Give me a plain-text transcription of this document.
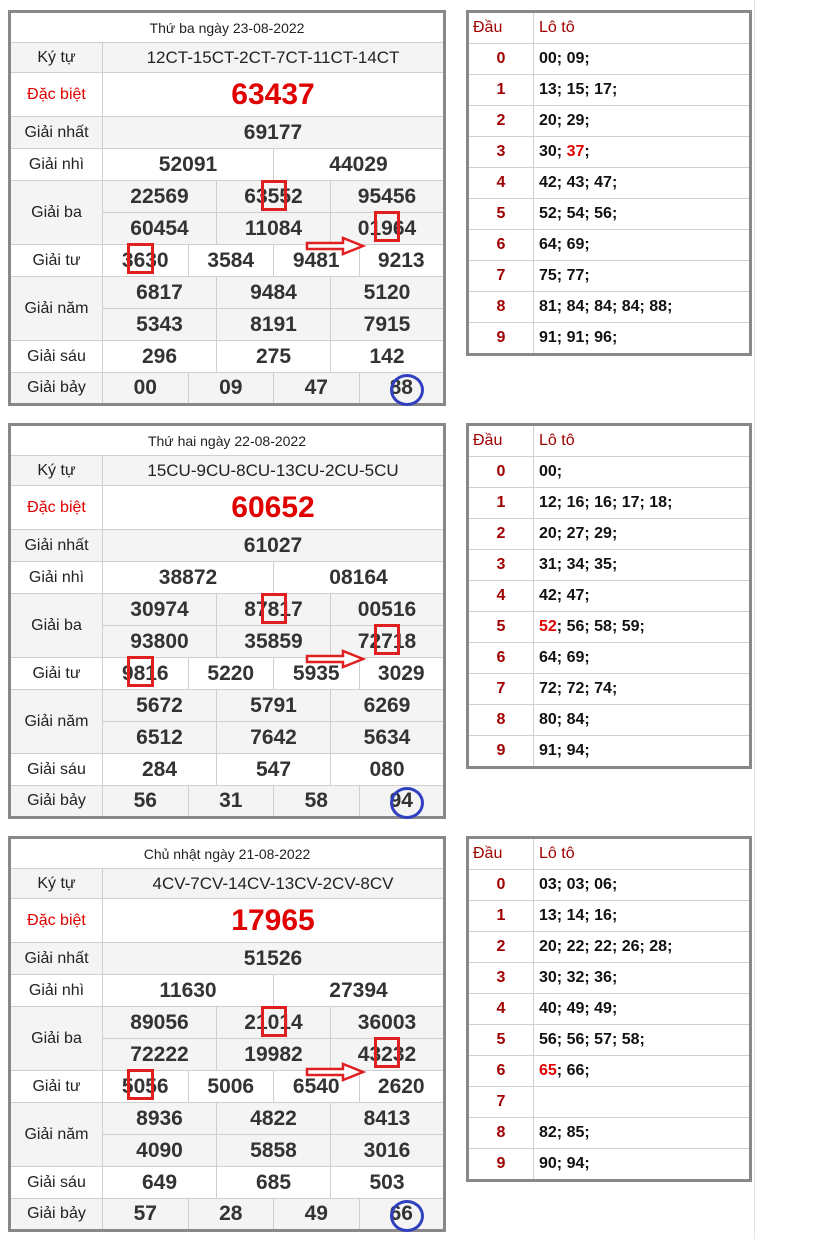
Thứ ba ngày 23-08-2022						
Ký tự	12CT-15CT-2CT-7CT-11CT-14CT					
Đặc biệt	63437					
Giải nhất	69177					
Giải nhì	52091			44029		
Giải ba	22569		63552		95456	
	60454		11084		01964	
Giải tư	3630	3584		9481		9213
Giải năm	6817		9484		5120	
	5343		8191		7915	
Giải sáu	296		275		142	
Giải bảy	00	09		47		88
Đầu	Lô tô
0	00; 09;
1	13; 15; 17;
2	20; 29;
3	30; 37;
4	42; 43; 47;
5	52; 54; 56;
6	64; 69;
7	75; 77;
8	81; 84; 84; 84; 88;
9	91; 91; 96;
Thứ hai ngày 22-08-2022						
Ký tự	15CU-9CU-8CU-13CU-2CU-5CU					
Đặc biệt	60652					
Giải nhất	61027					
Giải nhì	38872			08164		
Giải ba	30974		87817		00516	
	93800		35859		72718	
Giải tư	9816	5220		5935		3029
Giải năm	5672		5791		6269	
	6512		7642		5634	
Giải sáu	284		547		080	
Giải bảy	56	31		58		94
Đầu	Lô tô
0	00;
1	12; 16; 16; 17; 18;
2	20; 27; 29;
3	31; 34; 35;
4	42; 47;
5	52; 56; 58; 59;
6	64; 69;
7	72; 72; 74;
8	80; 84;
9	91; 94;
Chủ nhật ngày 21-08-2022						
Ký tự	4CV-7CV-14CV-13CV-2CV-8CV					
Đặc biệt	17965					
Giải nhất	51526					
Giải nhì	11630			27394		
Giải ba	89056		21014		36003	
	72222		19982		43232	
Giải tư	5056	5006		6540		2620
Giải năm	8936		4822		8413	
	4090		5858		3016	
Giải sáu	649		685		503	
Giải bảy	57	28		49		66
Đầu	Lô tô
0	03; 03; 06;
1	13; 14; 16;
2	20; 22; 22; 26; 28;
3	30; 32; 36;
4	40; 49; 49;
5	56; 56; 57; 58;
6	65; 66;
7	
8	82; 85;
9	90; 94;
